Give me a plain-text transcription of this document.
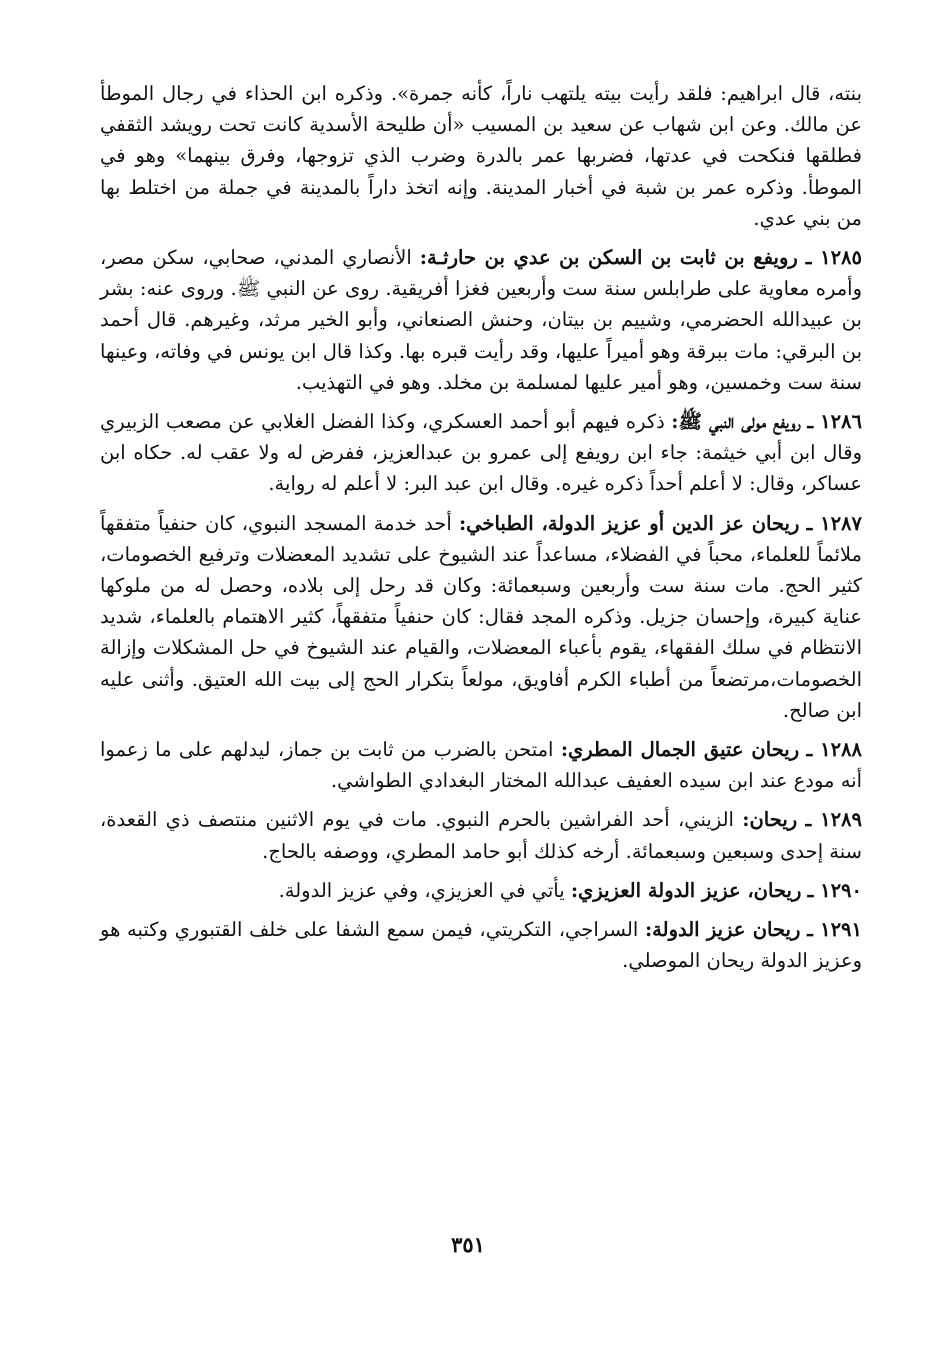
بنته، قال ابراهيم: فلقد رأيت بيته يلتهب ناراً، كأنه جمرة». وذكره ابن الحذاء في رجال الموطأ عن مالك. وعن ابن شهاب عن سعيد بن المسيب «أن طليحة الأسدية كانت تحت رويشد الثقفي فطلقها فنكحت في عدتها، فضربها عمر بالدرة وضرب الذي تزوجها، وفرق بينهما» وهو في الموطأ. وذكره عمر بن شبة في أخبار المدينة. وإنه اتخذ داراً بالمدينة في جملة من اختلط بها من بني عدي.

١٢٨٥ ـ رويفع بن ثابت بن السكن بن عدي بن حارثـة: الأنصاري المدني، صحابي، سكن مصر، وأمره معاوية على طرابلس سنة ست وأربعين فغزا أفريقية. روى عن النبي ﷺ. وروى عنه: بشر بن عبيدالله الحضرمي، وشييم بن بيتان، وحنش الصنعاني، وأبو الخير مرثد، وغيرهم. قال أحمد بن البرقي: مات ببرقة وهو أميراً عليها، وقد رأيت قبره بها. وكذا قال ابن يونس في وفاته، وعينها سنة ست وخمسين، وهو أمير عليها لمسلمة بن مخلد. وهو في التهذيب.

١٢٨٦ ـ رويفع مولى النبي ﷺ: ذكره فيهم أبو أحمد العسكري، وكذا الفضل الغلابي عن مصعب الزبيري وقال ابن أبي خيثمة: جاء ابن رويفع إلى عمرو بن عبدالعزيز، ففرض له ولا عقب له. حكاه ابن عساكر، وقال: لا أعلم أحداً ذكره غيره. وقال ابن عبد البر: لا أعلم له رواية.

١٢٨٧ ـ ريحان عز الدين أو عزيز الدولة، الطباخي: أحد خدمة المسجد النبوي، كان حنفياً متفقهاً ملائماً للعلماء، محباً في الفضلاء، مساعداً عند الشيوخ على تشديد المعضلات وترفيع الخصومات، كثير الحج. مات سنة ست وأربعين وسبعمائة: وكان قد رحل إلى بلاده، وحصل له من ملوكها عناية كبيرة، وإحسان جزيل. وذكره المجد فقال: كان حنفياً متفقهاً، كثير الاهتمام بالعلماء، شديد الانتظام في سلك الفقهاء، يقوم بأعباء المعضلات، والقيام عند الشيوخ في حل المشكلات وإزالة الخصومات،مرتضعاً من أطباء الكرم أفاويق، مولعاً بتكرار الحج إلى بيت الله العتيق. وأثنى عليه ابن صالح.

١٢٨٨ ـ ريحان عتيق الجمال المطري: امتحن بالضرب من ثابت بن جماز، ليدلهم على ما زعموا أنه مودع عند ابن سيده العفيف عبدالله المختار البغدادي الطواشي.

١٢٨٩ ـ ريحان: الزيني، أحد الفراشين بالحرم النبوي. مات في يوم الاثنين منتصف ذي القعدة، سنة إحدى وسبعين وسبعمائة. أرخه كذلك أبو حامد المطري، ووصفه بالحاج.

١٢٩٠ ـ ريحان، عزيز الدولة العزيزي: يأتي في العزيزي، وفي عزيز الدولة.

١٢٩١ ـ ريحان عزيز الدولة: السراجي، التكريتي، فيمن سمع الشفا على خلف القتبوري وكتبه هو وعزيز الدولة ريحان الموصلي.

٣٥١
